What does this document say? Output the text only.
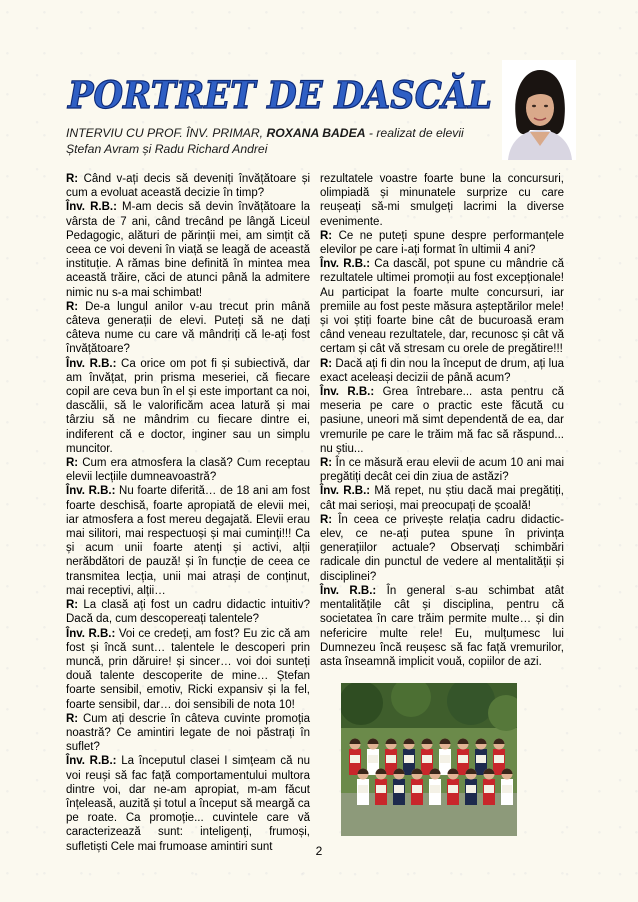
PORTRET DE DASCĂL
INTERVIU CU PROF. ÎNV. PRIMAR, ROXANA BADEA - realizat de elevii Ștefan Avram și Radu Richard Andrei

R: Când v-ați decis să deveniți învățătoare și cum a evoluat această decizie în timp?

Înv. R.B.: M-am decis să devin învățătoare la vârsta de 7 ani, când trecând pe lângă Liceul Pedagogic, alături de părinții mei, am simțit că ceea ce voi deveni în viață se leagă de această instituție. A rămas bine definită în mintea mea această trăire, căci de atunci până la admitere nimic nu s-a mai schimbat!

R: De-a lungul anilor v-au trecut prin mână câteva generații de elevi. Puteți să ne dați câteva nume cu care vă mândriți că le-ați fost învățătoare?

Înv. R.B.: Ca orice om pot fi și subiectivă, dar am învățat, prin prisma meseriei, că fiecare copil are ceva bun în el și este important ca noi, dascălii, să le valorificăm acea latură și mai târziu să ne mândrim cu fiecare dintre ei, indiferent că e doctor, inginer sau un simplu muncitor.

R: Cum era atmosfera la clasă? Cum receptau elevii lecțiile dumneavoastră?

Înv. R.B.: Nu foarte diferită… de 18 ani am fost foarte deschisă, foarte apropiată de elevii mei, iar atmosfera a fost mereu degajată. Elevii erau mai silitori, mai respectuoși și mai cuminți!!! Ca și acum unii foarte atenți și activi, alții nerăbdători de pauză! și în funcție de ceea ce transmitea lecția, unii mai atrași de conținut, mai receptivi, alții…

R: La clasă ați fost un cadru didactic intuitiv? Dacă da, cum descopereați talentele?

Înv. R.B.: Voi ce credeți, am fost? Eu zic că am fost și încă sunt… talentele le descoperi prin muncă, prin dăruire! și sincer… voi doi sunteți două talente descoperite de mine… Ștefan foarte sensibil, emotiv, Ricki expansiv și la fel, foarte sensibil, dar… doi sensibili de nota 10!

R: Cum ați descrie în câteva cuvinte promoția noastră? Ce amintiri legate de noi păstrați în suflet?

Înv. R.B.: La începutul clasei I simțeam că nu voi reuși să fac față comportamentului multora dintre voi, dar ne-am apropiat, m-am făcut înțeleasă, auzită și totul a început să meargă ca pe roate. Ca promoție... cuvintele care vă caracterizează sunt: inteligenți, frumoși, sufletiști Cele mai frumoase amintiri sunt

rezultatele voastre foarte bune la concursuri, olimpiadă și minunatele surprize cu care reușeați să-mi smulgeți lacrimi la diverse evenimente.

R: Ce ne puteți spune despre performanțele elevilor pe care i-ați format în ultimii 4 ani?

Înv. R.B.: Ca dascăl, pot spune cu mândrie că rezultatele ultimei promoții au fost excepționale! Au participat la foarte multe concursuri, iar premiile au fost peste măsura așteptărilor mele! și voi știți foarte bine cât de bucuroasă eram când veneau rezultatele, dar, recunosc și cât vă certam și cât vă stresam cu orele de pregătire!!!

R: Dacă ați fi din nou la început de drum, ați lua exact aceleași decizii de până acum?

Înv. R.B.: Grea întrebare... asta pentru că meseria pe care o practic este făcută cu pasiune, uneori mă simt dependentă de ea, dar vremurile pe care le trăim mă fac să răspund... nu știu...

R: În ce măsură erau elevii de acum 10 ani mai pregătiți decât cei din ziua de astăzi?

Înv. R.B.: Mă repet, nu știu dacă mai pregătiți, cât mai serioși, mai preocupați de școală!

R: În ceea ce privește relația cadru didactic-elev, ce ne-ați putea spune în privința generațiilor actuale? Observați schimbări radicale din punctul de vedere al mentalității și disciplinei?

Înv. R.B.: În general s-au schimbat atât mentalitățile cât și disciplina, pentru că societatea în care trăim permite multe… și din nefericire multe rele! Eu, mulțumesc lui Dumnezeu încă reușesc să fac față vremurilor, asta înseamnă implicit vouă, copiilor de azi.

2
